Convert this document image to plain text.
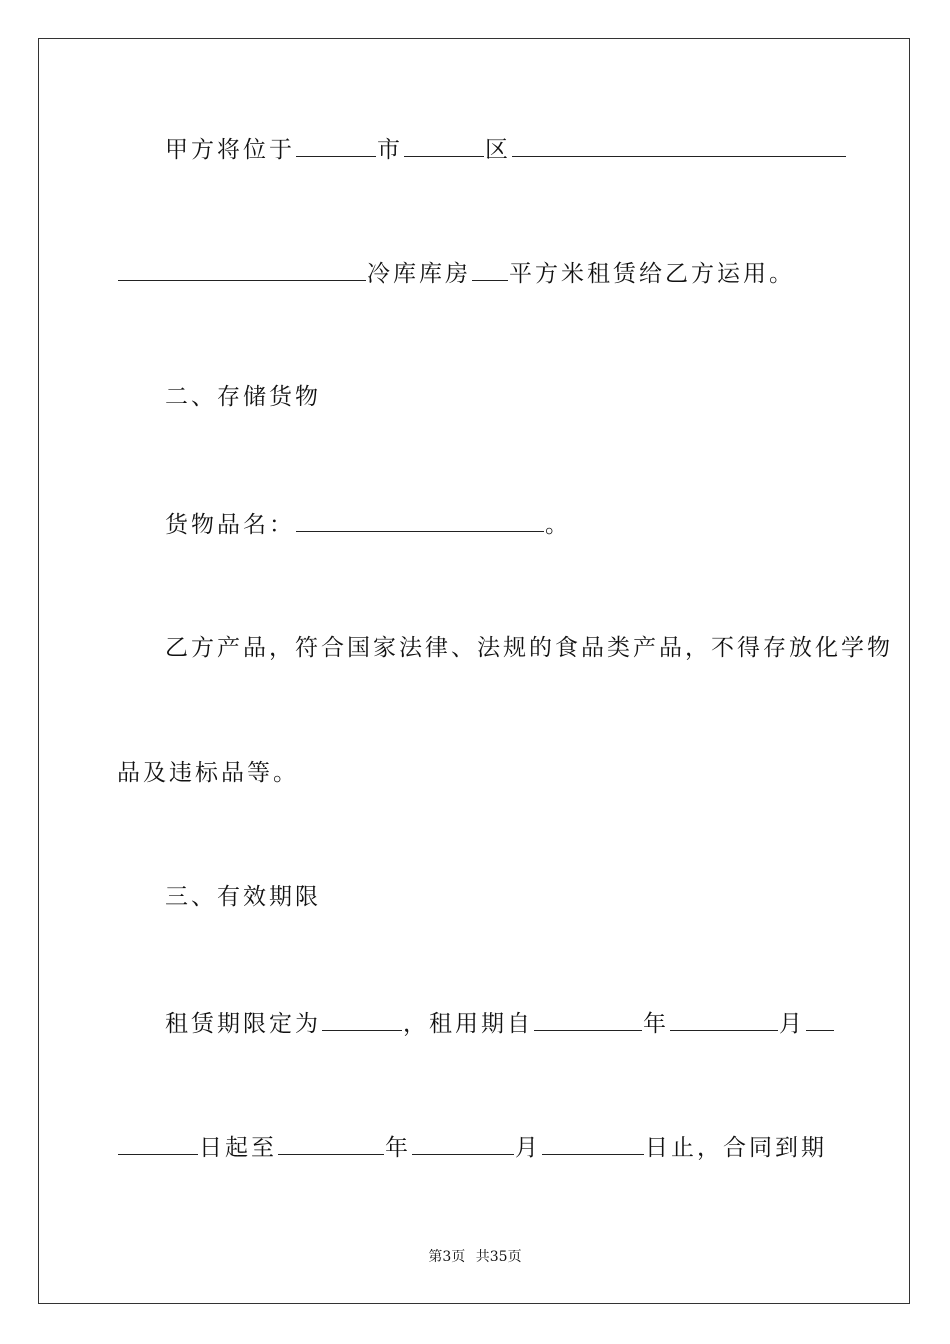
甲方将位于	市	区
冷库库房 平方米租赁给乙方运用。
二、存储货物
货物品名：	。
乙方产品，符合国家法律、法规的食品类产品，不得存放化学物
品及违标品等。
三、有效期限
租赁期限定为	，租用期自	年	月
日起至	年	月	日止，合同到期
第3页 共35页
